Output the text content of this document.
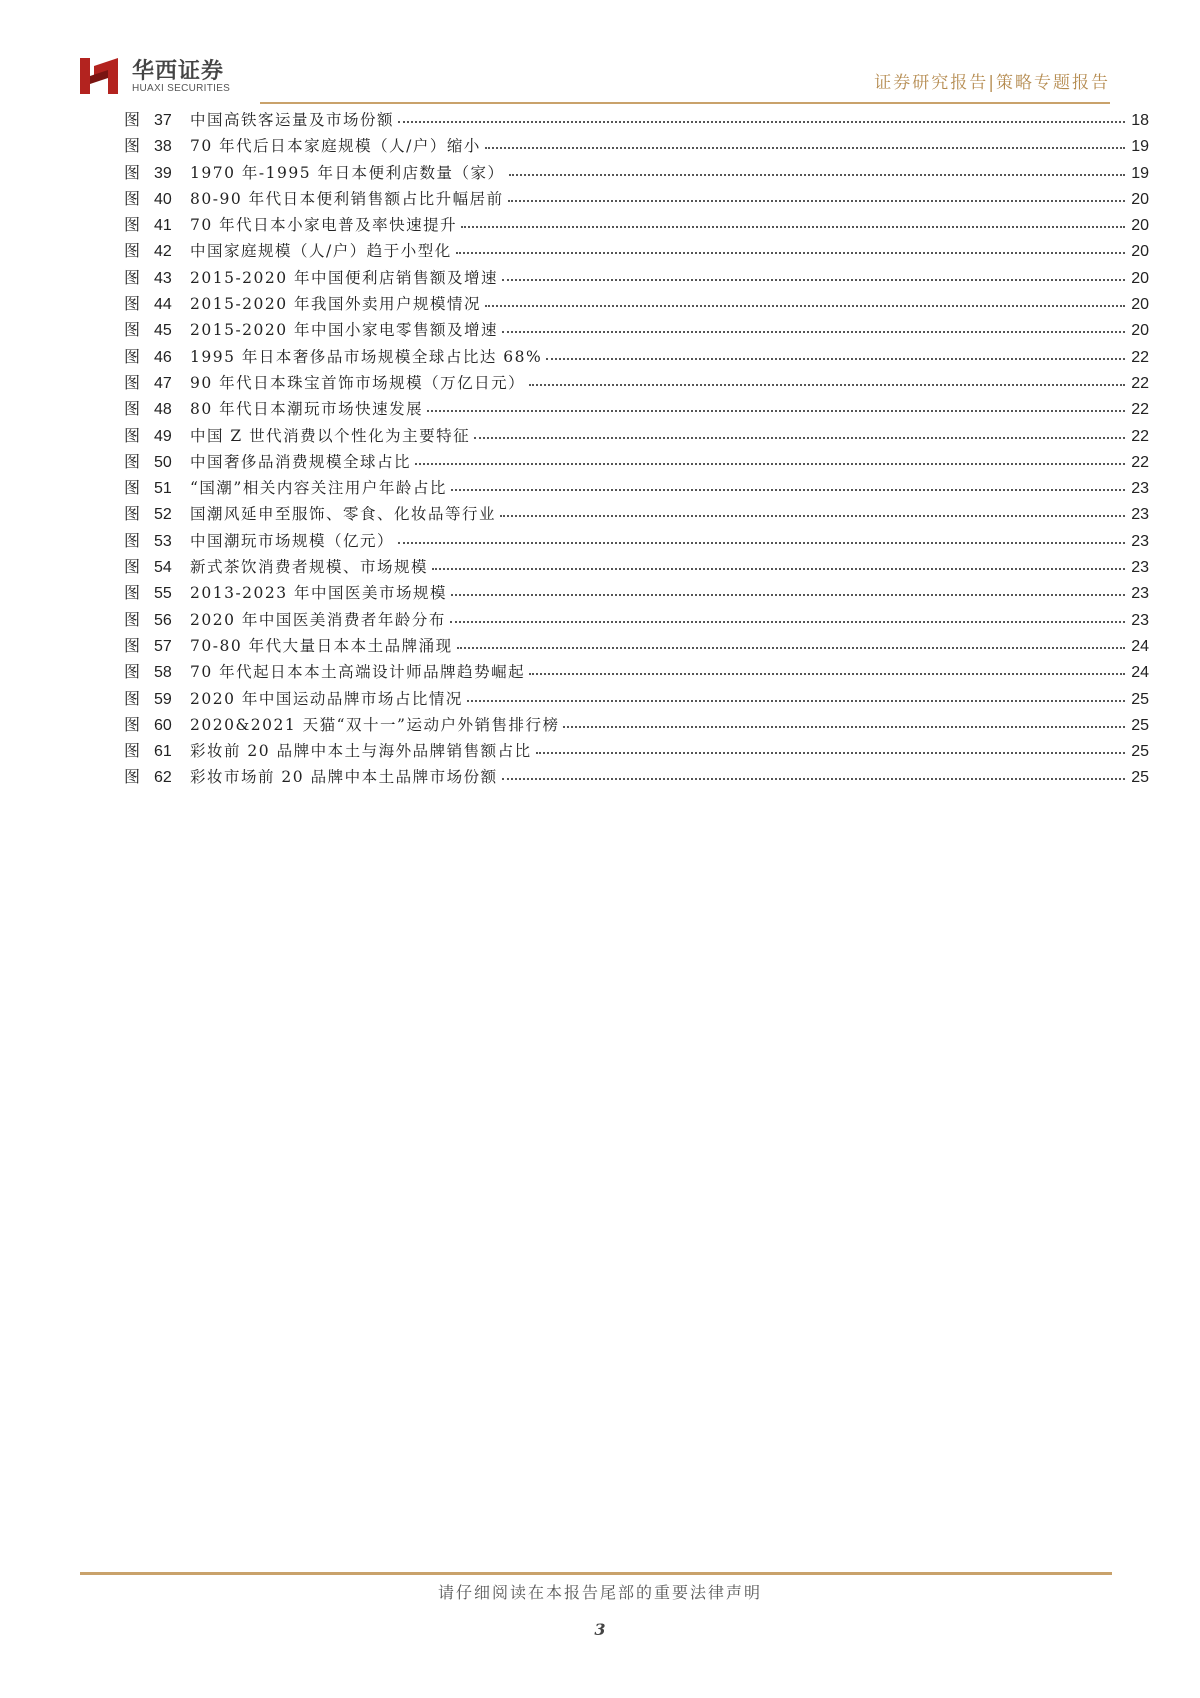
华西证券
HUAXI SECURITIES	证券研究报告|策略专题报告
图 37	中国高铁客运量及市场份额	18
图 38	70 年代后日本家庭规模（人/户）缩小	19
图 39	1970 年-1995 年日本便利店数量（家）	19
图 40	80-90 年代日本便利销售额占比升幅居前	20
图 41	70 年代日本小家电普及率快速提升	20
图 42	中国家庭规模（人/户）趋于小型化	20
图 43	2015-2020 年中国便利店销售额及增速	20
图 44	2015-2020 年我国外卖用户规模情况	20
图 45	2015-2020 年中国小家电零售额及增速	20
图 46	1995 年日本奢侈品市场规模全球占比达 68%	22
图 47	90 年代日本珠宝首饰市场规模（万亿日元）	22
图 48	80 年代日本潮玩市场快速发展	22
图 49	中国 Z 世代消费以个性化为主要特征	22
图 50	中国奢侈品消费规模全球占比	22
图 51	“国潮”相关内容关注用户年龄占比	23
图 52	国潮风延申至服饰、零食、化妆品等行业	23
图 53	中国潮玩市场规模（亿元）	23
图 54	新式茶饮消费者规模、市场规模	23
图 55	2013-2023 年中国医美市场规模	23
图 56	2020 年中国医美消费者年龄分布	23
图 57	70-80 年代大量日本本土品牌涌现	24
图 58	70 年代起日本本土高端设计师品牌趋势崛起	24
图 59	2020 年中国运动品牌市场占比情况	25
图 60	2020&2021 天猫“双十一”运动户外销售排行榜	25
图 61	彩妆前 20 品牌中本土与海外品牌销售额占比	25
图 62	彩妆市场前 20 品牌中本土品牌市场份额	25
请仔细阅读在本报告尾部的重要法律声明
3
